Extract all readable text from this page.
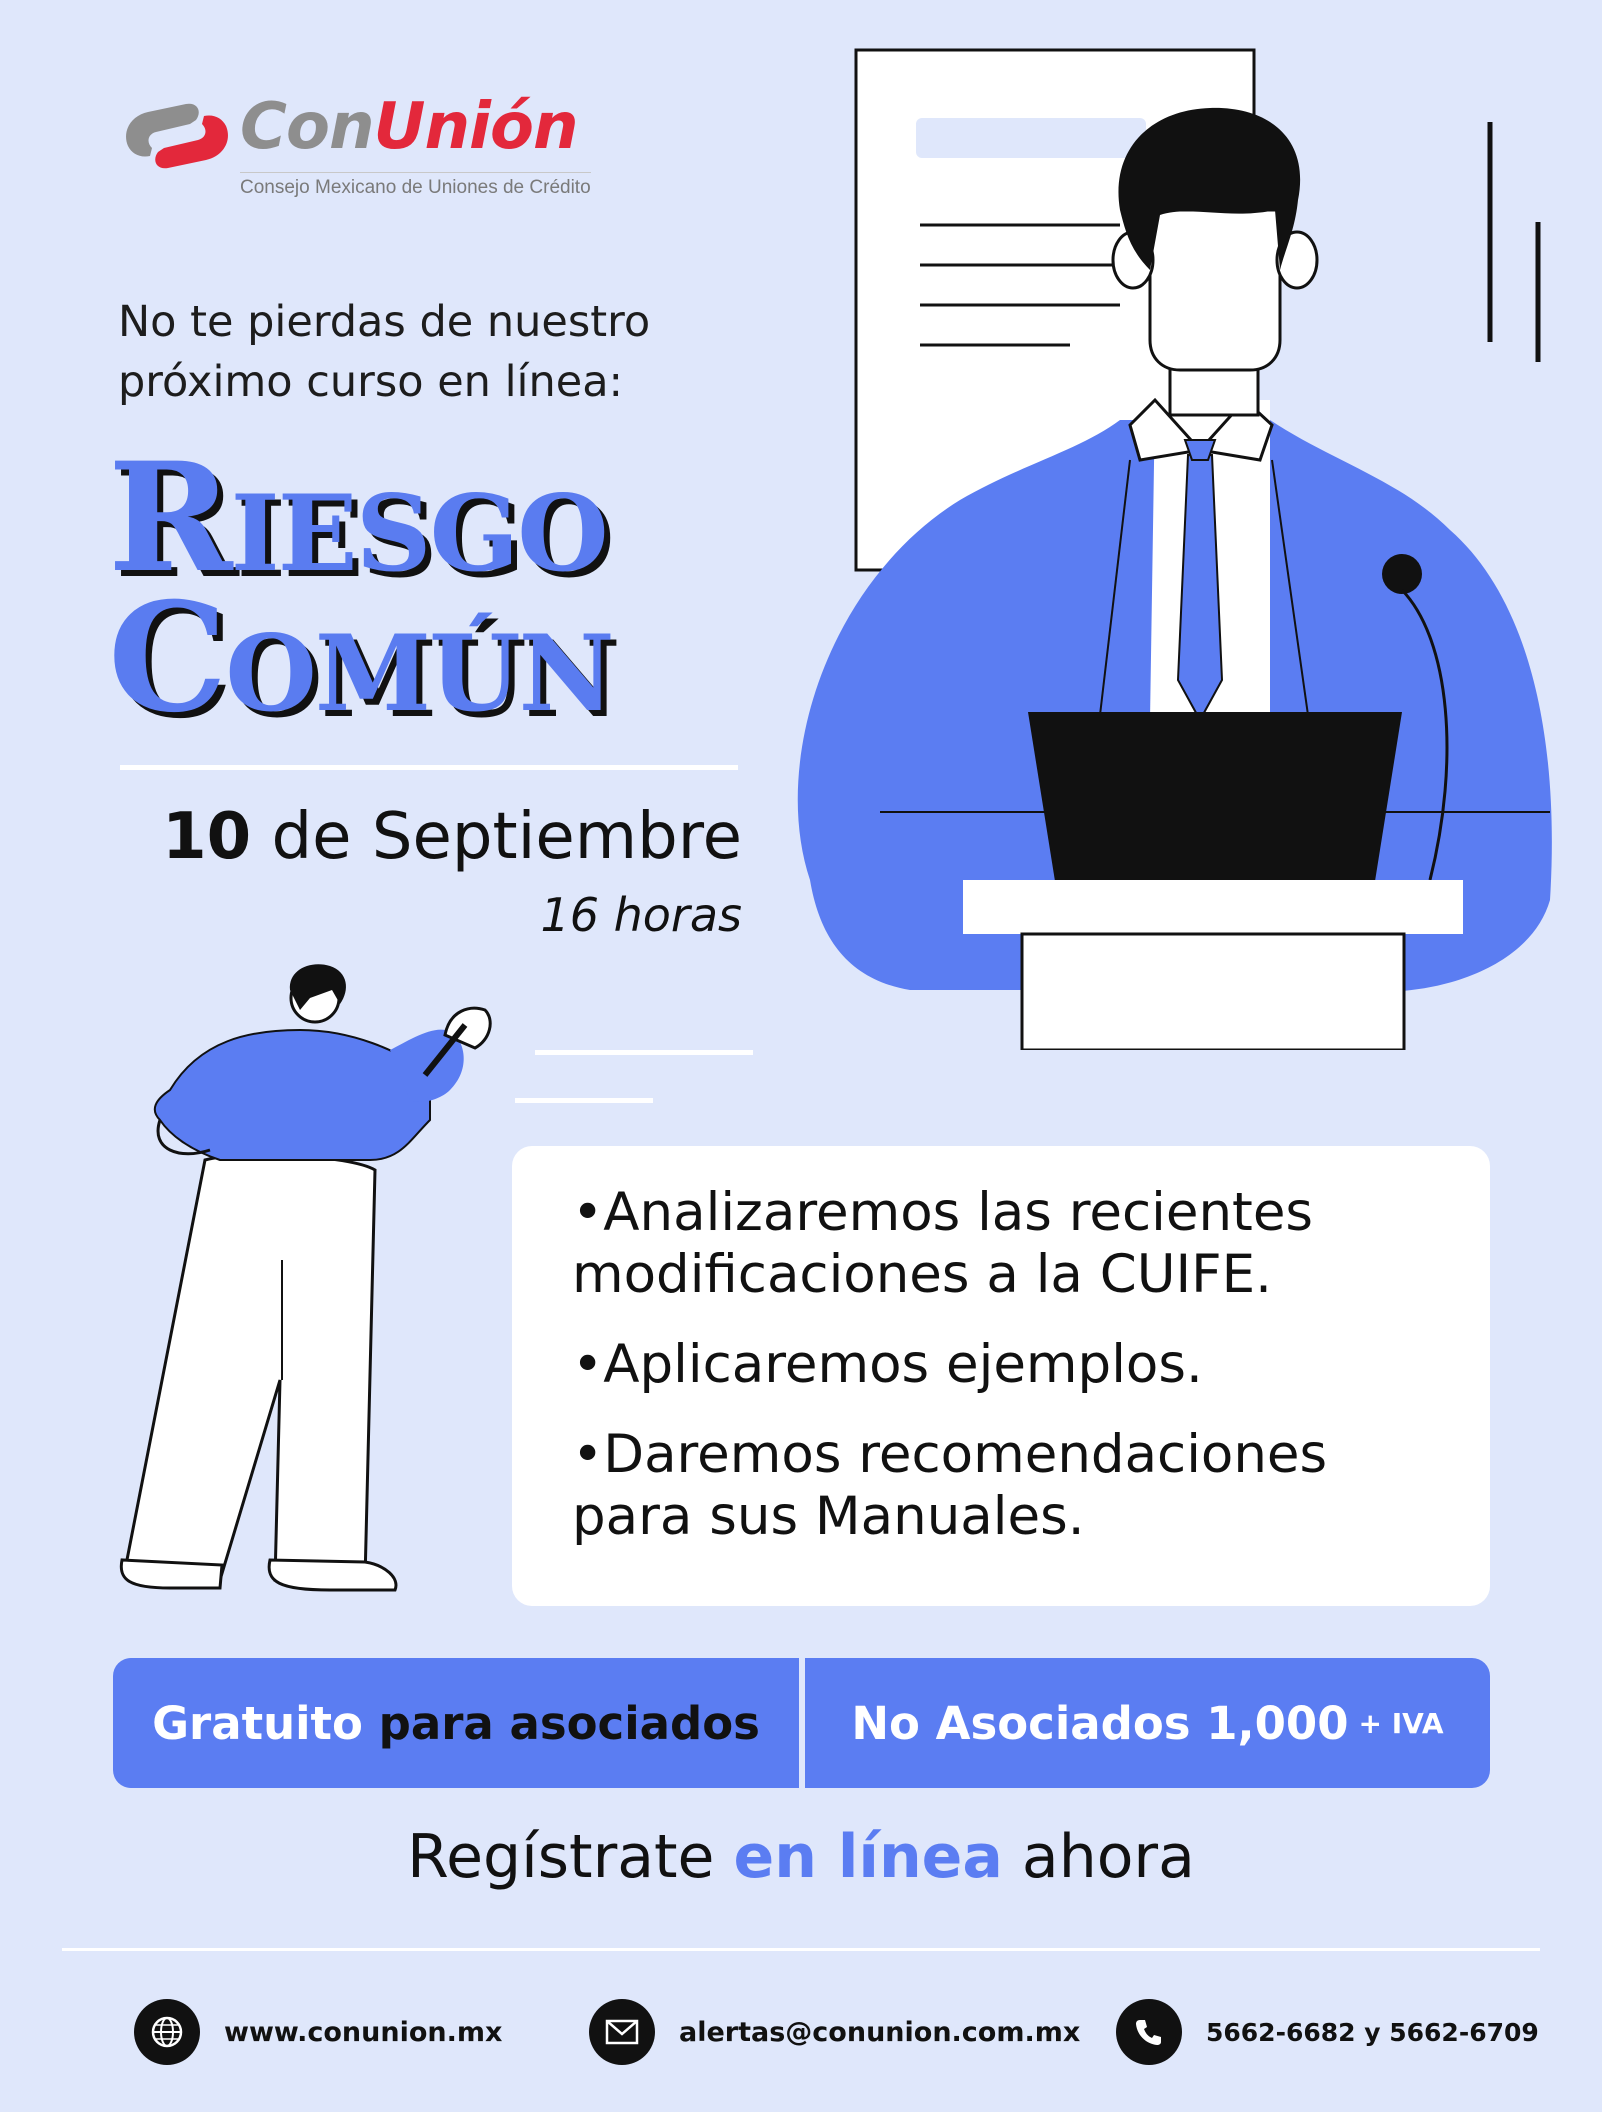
ConUnión
Consejo Mexicano de Uniones de Crédito
No te pierdas de nuestro
próximo curso en línea:
Riesgo
Común
10 de Septiembre
16 horas
• Analizaremos las recientes modificaciones a la CUIFE.
• Aplicaremos ejemplos.
• Daremos recomendaciones para sus Manuales.
Gratuito para asociados No Asociados 1,000 + IVA
Regístrate en línea ahora
www.conunion.mx	alertas@conunion.com.mx	5662-6682 y 5662-6709
